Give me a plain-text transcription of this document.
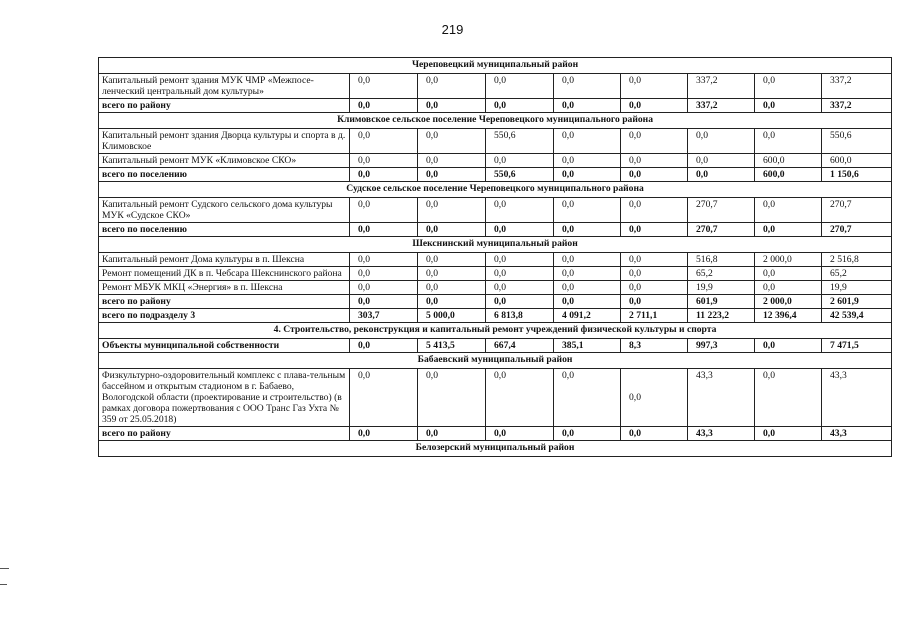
219
Череповецкий муниципальный район								
Капитальный ремонт здания МУК ЧМР «Межпосе-ленческий центральный дом культуры»	0,0	0,0	0,0	0,0	0,0	337,2	0,0	337,2
всего по району	0,0	0,0	0,0	0,0	0,0	337,2	0,0	337,2
Климовское сельское поселение Череповецкого муниципального района								
Капитальный ремонт здания Дворца культуры и спорта в д. Климовское	0,0	0,0	550,6	0,0	0,0	0,0	0,0	550,6
Капитальный ремонт МУК «Климовское СКО»	0,0	0,0	0,0	0,0	0,0	0,0	600,0	600,0
всего по поселению	0,0	0,0	550,6	0,0	0,0	0,0	600,0	1 150,6
Судское сельское поселение Череповецкого муниципального района								
Капитальный ремонт Судского сельского дома культуры МУК «Судское СКО»	0,0	0,0	0,0	0,0	0,0	270,7	0,0	270,7
всего по поселению	0,0	0,0	0,0	0,0	0,0	270,7	0,0	270,7
Шекснинский муниципальный район								
Капитальный ремонт Дома культуры в п. Шексна	0,0	0,0	0,0	0,0	0,0	516,8	2 000,0	2 516,8
Ремонт помещений ДК в п. Чебсара Шекснинского района	0,0	0,0	0,0	0,0	0,0	65,2	0,0	65,2
Ремонт МБУК МКЦ «Энергия» в п. Шексна	0,0	0,0	0,0	0,0	0,0	19,9	0,0	19,9
всего по району	0,0	0,0	0,0	0,0	0,0	601,9	2 000,0	2 601,9
всего по подразделу 3	303,7	5 000,0	6 813,8	4 091,2	2 711,1	11 223,2	12 396,4	42 539,4
4. Строительство, реконструкция и капитальный ремонт учреждений физической культуры и спорта								
Объекты муниципальной собственности	0,0	5 413,5	667,4	385,1	8,3	997,3	0,0	7 471,5
Бабаевский муниципальный район								
Физкультурно-оздоровительный комплекс с плава-тельным бассейном и открытым стадионом в г. Бабаево, Вологодской области (проектирование и строительство) (в рамках договора пожертвования с ООО Транс Газ Ухта № 359 от 25.05.2018)	0,0	0,0	0,0	0,0	0,0	43,3	0,0	43,3
всего по району	0,0	0,0	0,0	0,0	0,0	43,3	0,0	43,3
Белозерский муниципальный район								
